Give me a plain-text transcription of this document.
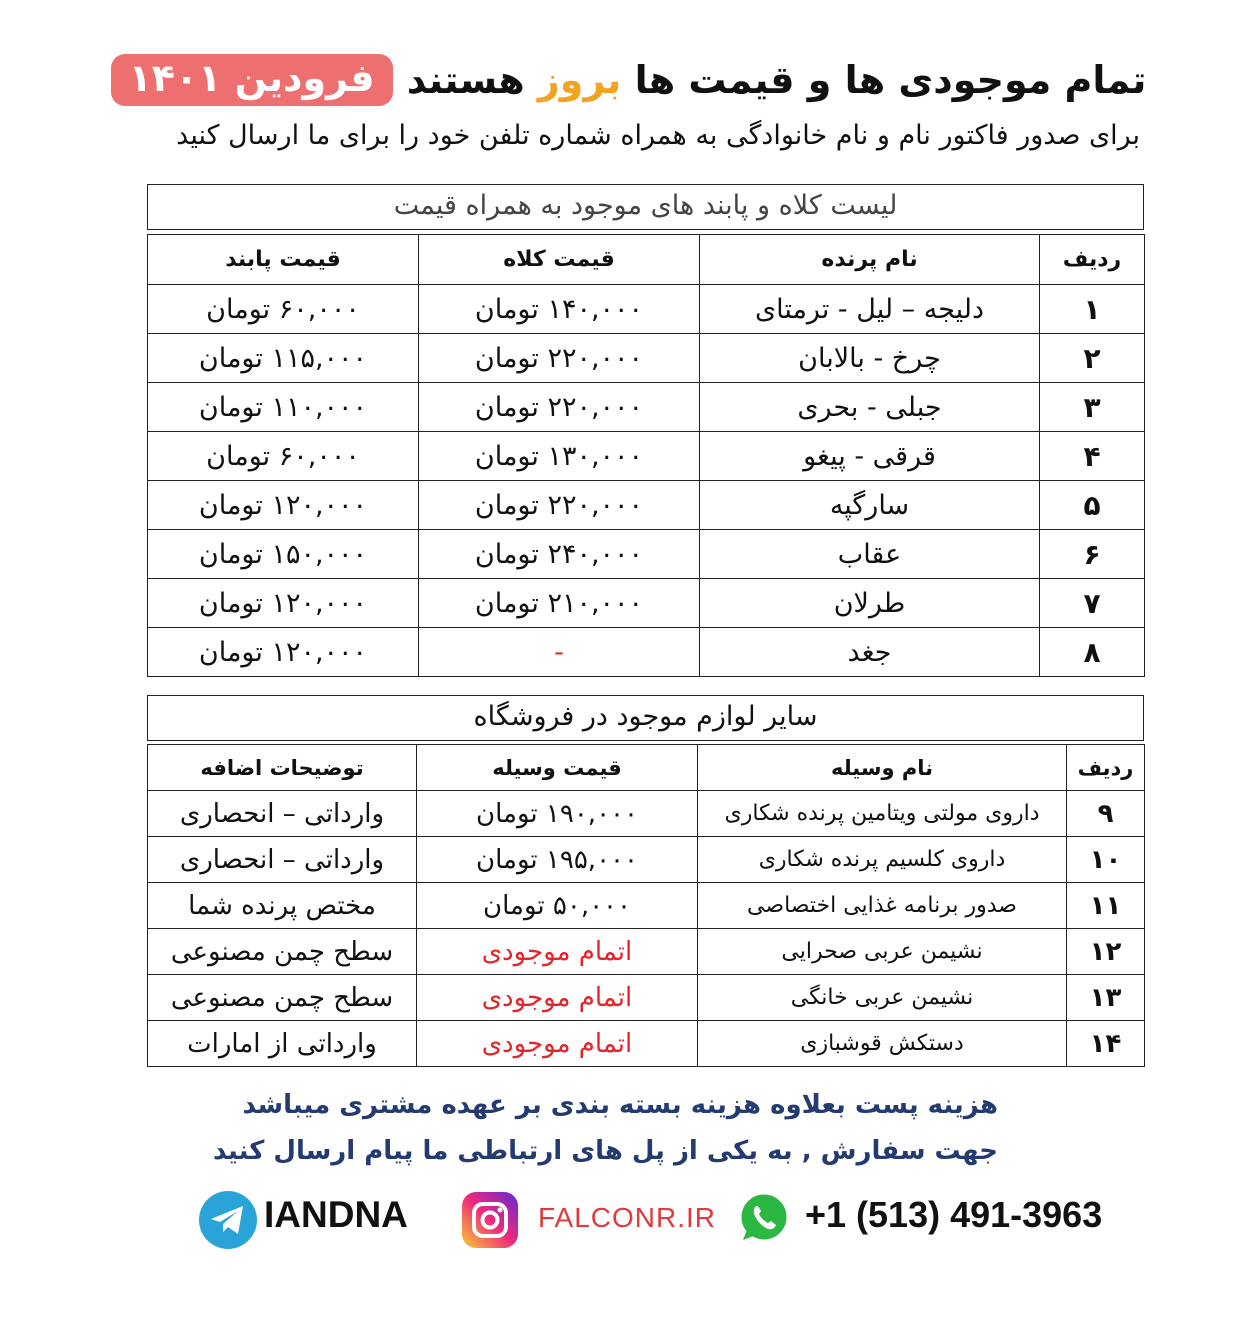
فرودین ۱۴۰۱	تمام موجودی ها و قیمت ها بروز هستند
برای صدور فاکتور نام و نام خانوادگی به همراه شماره تلفن خود را برای ما ارسال کنید
لیست کلاه و پابند های موجود به همراه قیمت
ردیف	نام پرنده	قیمت کلاه	قیمت پابند
۱	دلیجه – لیل - ترمتای	۱۴۰,۰۰۰ تومان	۶۰,۰۰۰ تومان
۲	چرخ - بالابان	۲۲۰,۰۰۰ تومان	۱۱۵,۰۰۰ تومان
۳	جبلی - بحری	۲۲۰,۰۰۰ تومان	۱۱۰,۰۰۰ تومان
۴	قرقی - پیغو	۱۳۰,۰۰۰ تومان	۶۰,۰۰۰ تومان
۵	سارگپه	۲۲۰,۰۰۰ تومان	۱۲۰,۰۰۰ تومان
۶	عقاب	۲۴۰,۰۰۰ تومان	۱۵۰,۰۰۰ تومان
۷	طرلان	۲۱۰,۰۰۰ تومان	۱۲۰,۰۰۰ تومان
۸	جغد	-	۱۲۰,۰۰۰ تومان
سایر لوازم موجود در فروشگاه
ردیف	نام وسیله	قیمت وسیله	توضیحات اضافه
۹	داروی مولتی ویتامین پرنده شکاری	۱۹۰,۰۰۰ تومان	وارداتی – انحصاری
۱۰	داروی کلسیم پرنده شکاری	۱۹۵,۰۰۰ تومان	وارداتی – انحصاری
۱۱	صدور برنامه غذایی اختصاصی	۵۰,۰۰۰ تومان	مختص پرنده شما
۱۲	نشیمن عربی صحرایی	اتمام موجودی	سطح چمن مصنوعی
۱۳	نشیمن عربی خانگی	اتمام موجودی	سطح چمن مصنوعی
۱۴	دستکش قوشبازی	اتمام موجودی	وارداتی از امارات
هزینه پست بعلاوه هزینه بسته بندی بر عهده مشتری میباشد
جهت سفارش , به یکی از پل های ارتباطی ما پیام ارسال کنید
IANDNA	FALCONR.IR +1 (513) 491-3963
